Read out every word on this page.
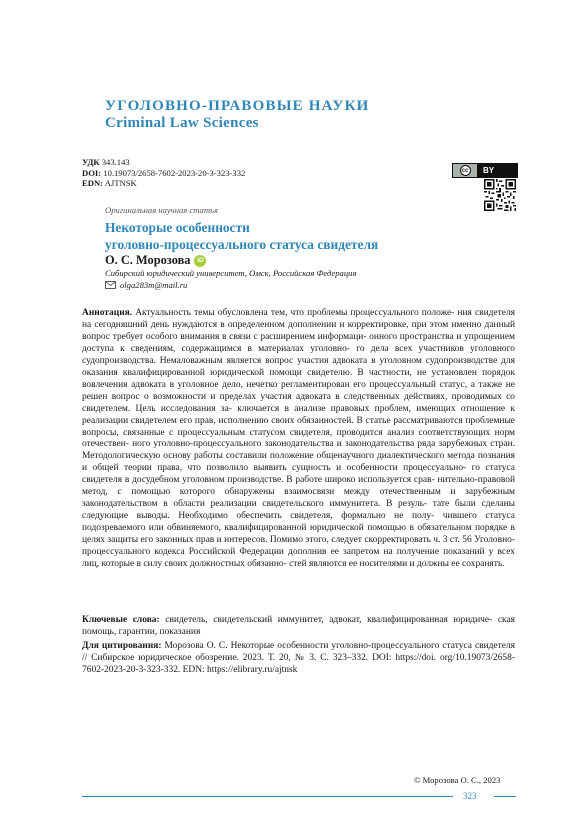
УГОЛОВНО-ПРАВОВЫЕ НАУКИ
Criminal Law Sciences
УДК 343.143
DOI: 10.19073/2658-7602-2023-20-3-323-332
EDN: AJTNSK
cc	BY
Оригинальная научная статья
Некоторые особенности
уголовно-процессуального статуса свидетеля
О. С. Морозова	iD
Сибирский юридический университет, Омск, Российская Федерация
olga283m@mail.ru
Аннотация. Актуальность темы обусловлена тем, что проблемы процессуального положе- ния свидетеля на сегодняшний день нуждаются в определенном дополнении и корректировке, при этом именно данный вопрос требует особого внимания в связи с расширением информаци- онного пространства и упрощением доступа к сведениям, содержащимся в материалах уголовно- го дела всех участников уголовного судопроизводства. Немаловажным является вопрос участия адвоката в уголовном судопроизводстве для оказания квалифицированной юридической помощи свидетелю. В частности, не установлен порядок вовлечения адвоката в уголовное дело, нечетко регламентирован его процессуальный статус, а также не решен вопрос о возможности и пределах участия адвоката в следственных действиях, проводимых со свидетелем. Цель исследования за- ключается в анализе правовых проблем, имеющих отношение к реализации свидетелем его прав, исполнению своих обязанностей. В статье рассматриваются проблемные вопросы, связанные с процессуальным статусом свидетеля, проводится анализ соответствующих норм отечествен- ного уголовно-процессуального законодательства и законодательства ряда зарубежных стран. Методологическую основу работы составили положение общенаучного диалектического метода познания и общей теории права, что позволило выявить сущность и особенности процессуально- го статуса свидетеля в досудебном уголовном производстве. В работе широко используется срав- нительно-правовой метод, с помощью которого обнаружены взаимосвязи между отечественным и зарубежным законодательством в области реализации свидетельского иммунитета. В резуль- тате были сделаны следующие выводы. Необходимо обеспечить свидетеля, формально не полу- чившего статуса подозреваемого или обвиняемого, квалифицированной юридической помощью в обязательном порядке в целях защиты его законных прав и интересов. Помимо этого, следует скорректировать ч. 3 ст. 56 Уголовно-процессуального кодекса Российской Федерации дополнив ее запретом на получение показаний у всех лиц, которые в силу своих должностных обязанно- стей являются ее носителями и должны ее сохранять.
Ключевые слова: свидетель, свидетельский иммунитет, адвокат, квалифицированная юридиче- ская помощь, гарантии, показания
Для цитирования: Морозова О. С. Некоторые особенности уголовно-процессуального статуса свидетеля // Сибирское юридическое обозрение. 2023. Т. 20, № 3. С. 323–332. DOI: https://doi. org/10.19073/2658-7602-2023-20-3-323-332. EDN: https://elibrary.ru/ajtnsk
© Морозова О. С., 2023
323
